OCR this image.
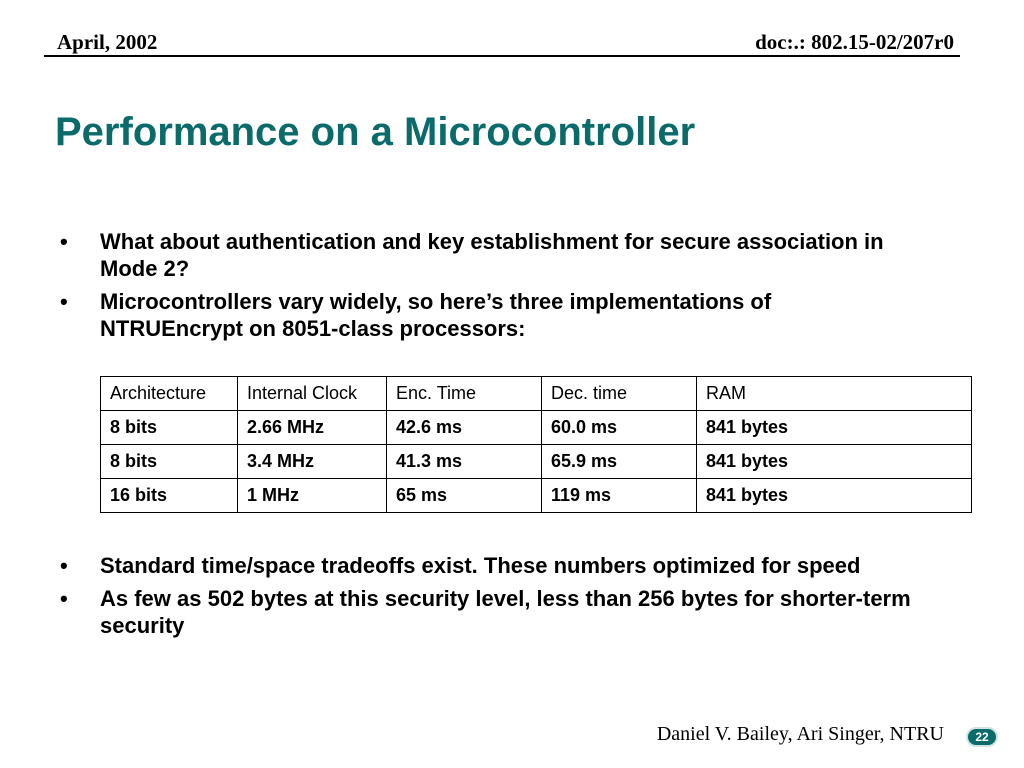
April, 2002	doc:.: 802.15-02/207r0
Performance on a Microcontroller
• What about authentication and key establishment for secure association in Mode 2?
• Microcontrollers vary widely, so here’s three implementations of NTRUEncrypt on 8051-class processors:
Architecture	Internal Clock	Enc. Time	Dec. time	RAM
8 bits	2.66 MHz	42.6 ms	60.0 ms	841 bytes
8 bits	3.4 MHz	41.3 ms	65.9 ms	841 bytes
16 bits	1 MHz	65 ms	119 ms	841 bytes
• Standard time/space tradeoffs exist. These numbers optimized for speed
• As few as 502 bytes at this security level, less than 256 bytes for shorter-term security
Daniel V. Bailey, Ari Singer, NTRU	22
